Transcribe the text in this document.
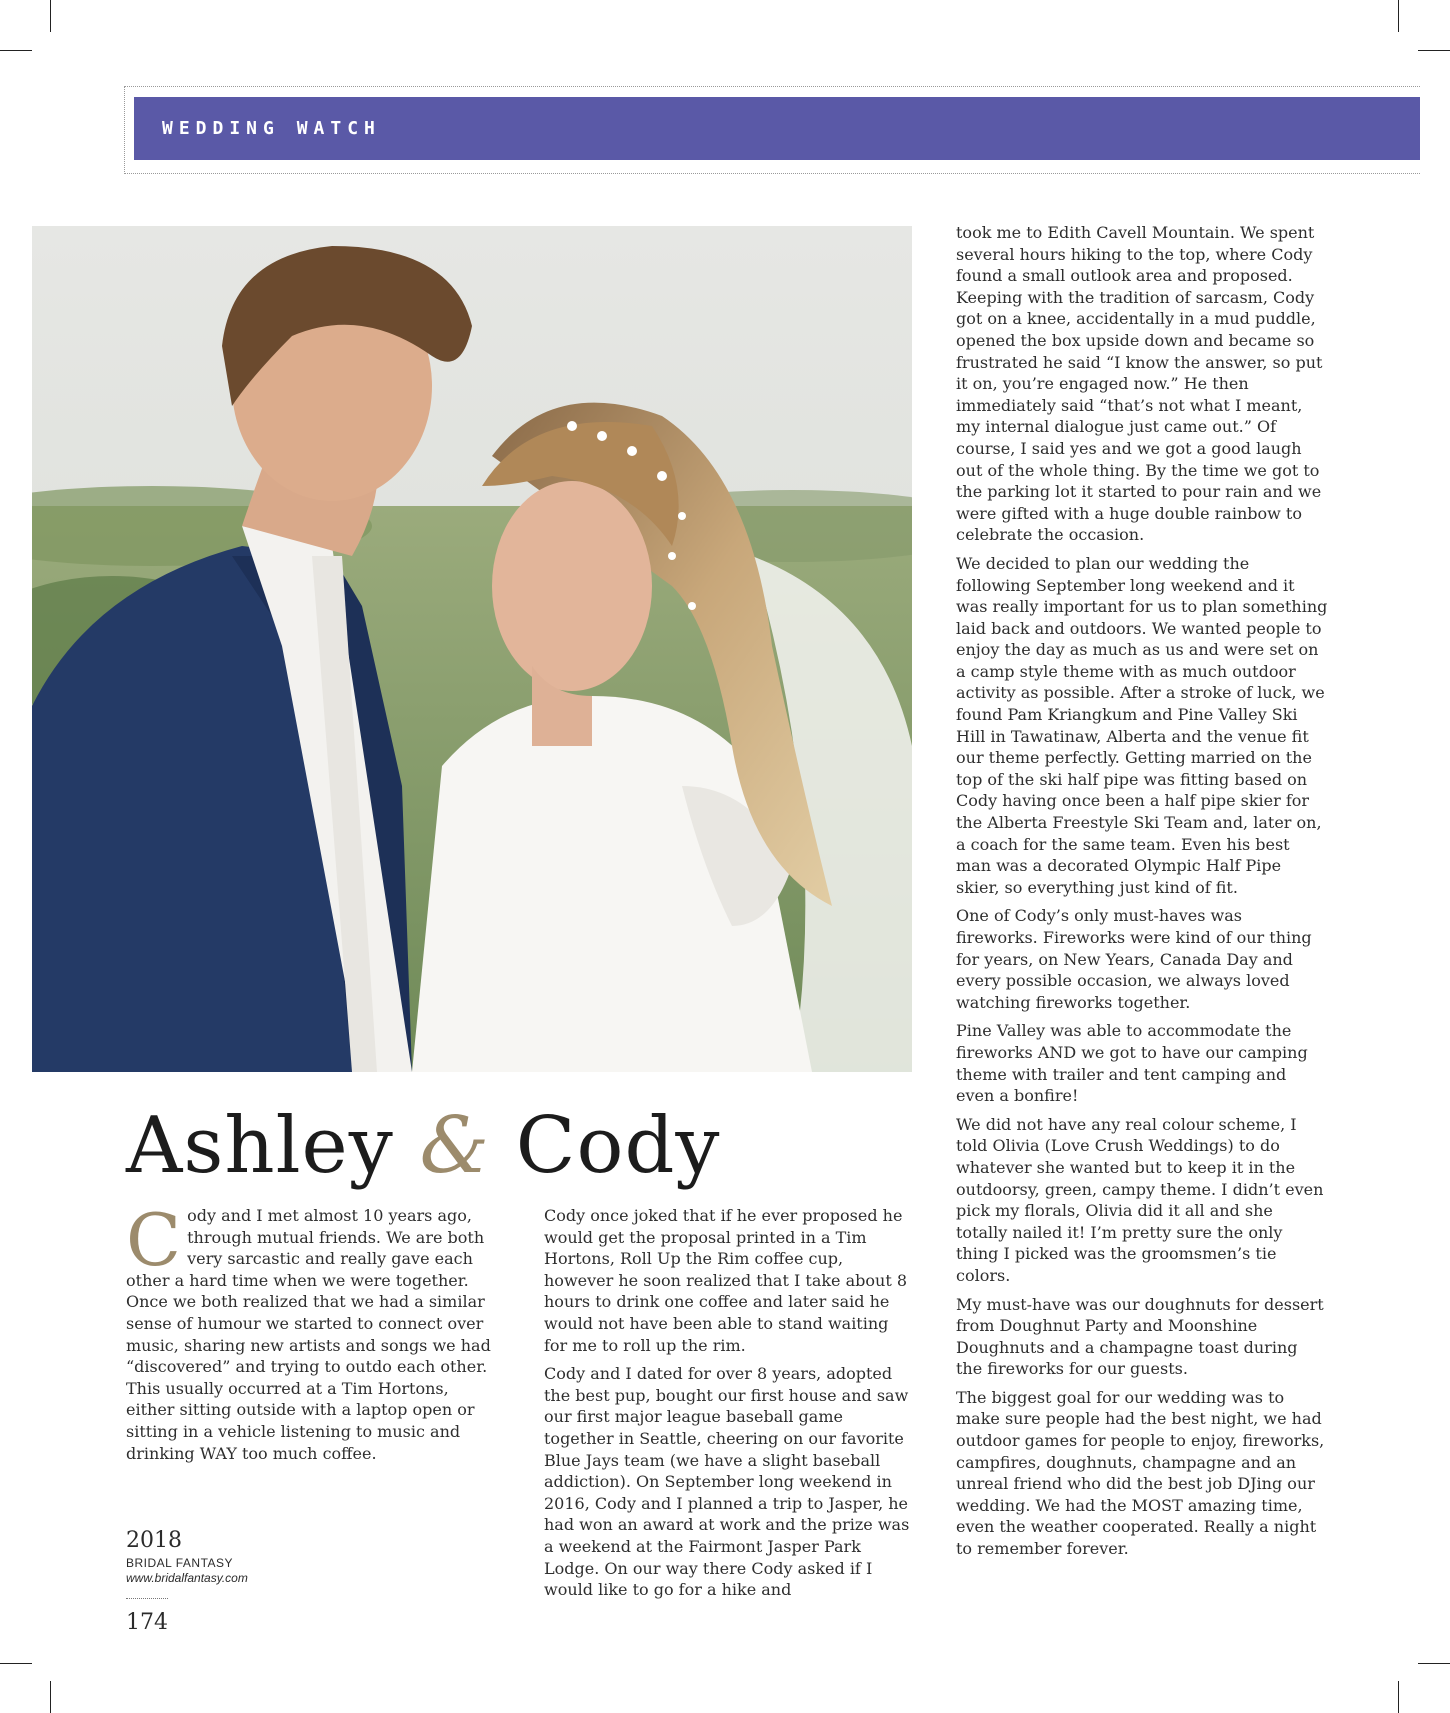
WEDDING WATCH
Ashley & Cody

Cody and I met almost 10 years ago, through mutual friends. We are both very sarcastic and really gave each other a hard time when we were together. Once we both realized that we had a similar sense of humour we started to connect over music, sharing new artists and songs we had “discovered” and trying to outdo each other. This usually occurred at a Tim Hortons, either sitting outside with a laptop open or sitting in a vehicle listening to music and drinking WAY too much coffee.

Cody once joked that if he ever proposed he would get the proposal printed in a Tim Hortons, Roll Up the Rim coffee cup, however he soon realized that I take about 8 hours to drink one coffee and later said he would not have been able to stand waiting for me to roll up the rim.

Cody and I dated for over 8 years, adopted the best pup, bought our first house and saw our first major league baseball game together in Seattle, cheering on our favorite Blue Jays team (we have a slight baseball addiction). On September long weekend in 2016, Cody and I planned a trip to Jasper, he had won an award at work and the prize was a weekend at the Fairmont Jasper Park Lodge. On our way there Cody asked if I would like to go for a hike and

took me to Edith Cavell Mountain. We spent several hours hiking to the top, where Cody found a small outlook area and proposed. Keeping with the tradition of sarcasm, Cody got on a knee, accidentally in a mud puddle, opened the box upside down and became so frustrated he said “I know the answer, so put it on, you’re engaged now.” He then immediately said “that’s not what I meant, my internal dialogue just came out.” Of course, I said yes and we got a good laugh out of the whole thing. By the time we got to the parking lot it started to pour rain and we were gifted with a huge double rainbow to celebrate the occasion.

We decided to plan our wedding the following September long weekend and it was really important for us to plan something laid back and outdoors. We wanted people to enjoy the day as much as us and were set on a camp style theme with as much outdoor activity as possible. After a stroke of luck, we found Pam Kriangkum and Pine Valley Ski Hill in Tawatinaw, Alberta and the venue fit our theme perfectly. Getting married on the top of the ski half pipe was fitting based on Cody having once been a half pipe skier for the Alberta Freestyle Ski Team and, later on, a coach for the same team. Even his best man was a decorated Olympic Half Pipe skier, so everything just kind of fit.

One of Cody’s only must-haves was fireworks. Fireworks were kind of our thing for years, on New Years, Canada Day and every possible occasion, we always loved watching fireworks together.

Pine Valley was able to accommodate the fireworks AND we got to have our camping theme with trailer and tent camping and even a bonfire!

We did not have any real colour scheme, I told Olivia (Love Crush Weddings) to do whatever she wanted but to keep it in the outdoorsy, green, campy theme. I didn’t even pick my florals, Olivia did it all and she totally nailed it! I’m pretty sure the only thing I picked was the groomsmen’s tie colors.

My must-have was our doughnuts for dessert from Doughnut Party and Moonshine Doughnuts and a champagne toast during the fireworks for our guests.

The biggest goal for our wedding was to make sure people had the best night, we had outdoor games for people to enjoy, fireworks, campfires, doughnuts, champagne and an unreal friend who did the best job DJing our wedding. We had the MOST amazing time, even the weather cooperated. Really a night to remember forever.

2018
BRIDAL FANTASY
www.bridalfantasy.com
174
